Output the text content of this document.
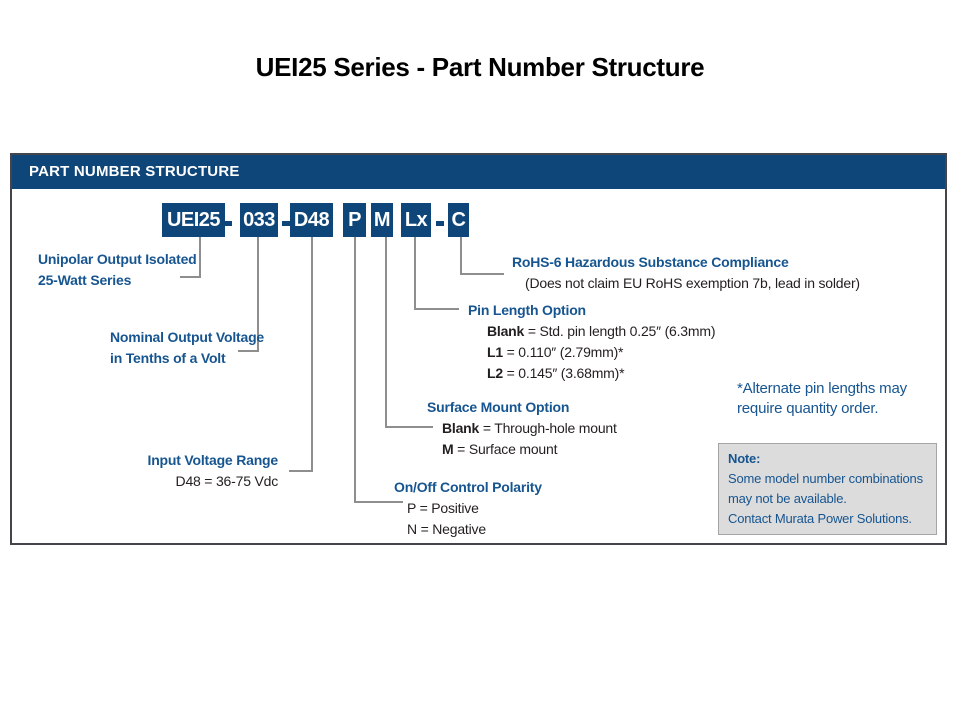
UEI25 Series - Part Number Structure
PART NUMBER STRUCTURE
UEI25 033 D48 P M Lx C
Unipolar Output Isolated
25-Watt Series
Nominal Output Voltage
in Tenths of a Volt
Input Voltage Range
D48 = 36-75 Vdc	On/Off Control Polarity
P = Positive
N = Negative
Surface Mount Option
Blank = Through-hole mount
M = Surface mount
Pin Length Option
Blank = Std. pin length 0.25″ (6.3mm)
L1 = 0.110″ (2.79mm)*
L2 = 0.145″ (3.68mm)*
RoHS-6 Hazardous Substance Compliance
(Does not claim EU RoHS exemption 7b, lead in solder)
*Alternate pin lengths may
require quantity order.
Note:
Some model number combinations
may not be available.
Contact Murata Power Solutions.
